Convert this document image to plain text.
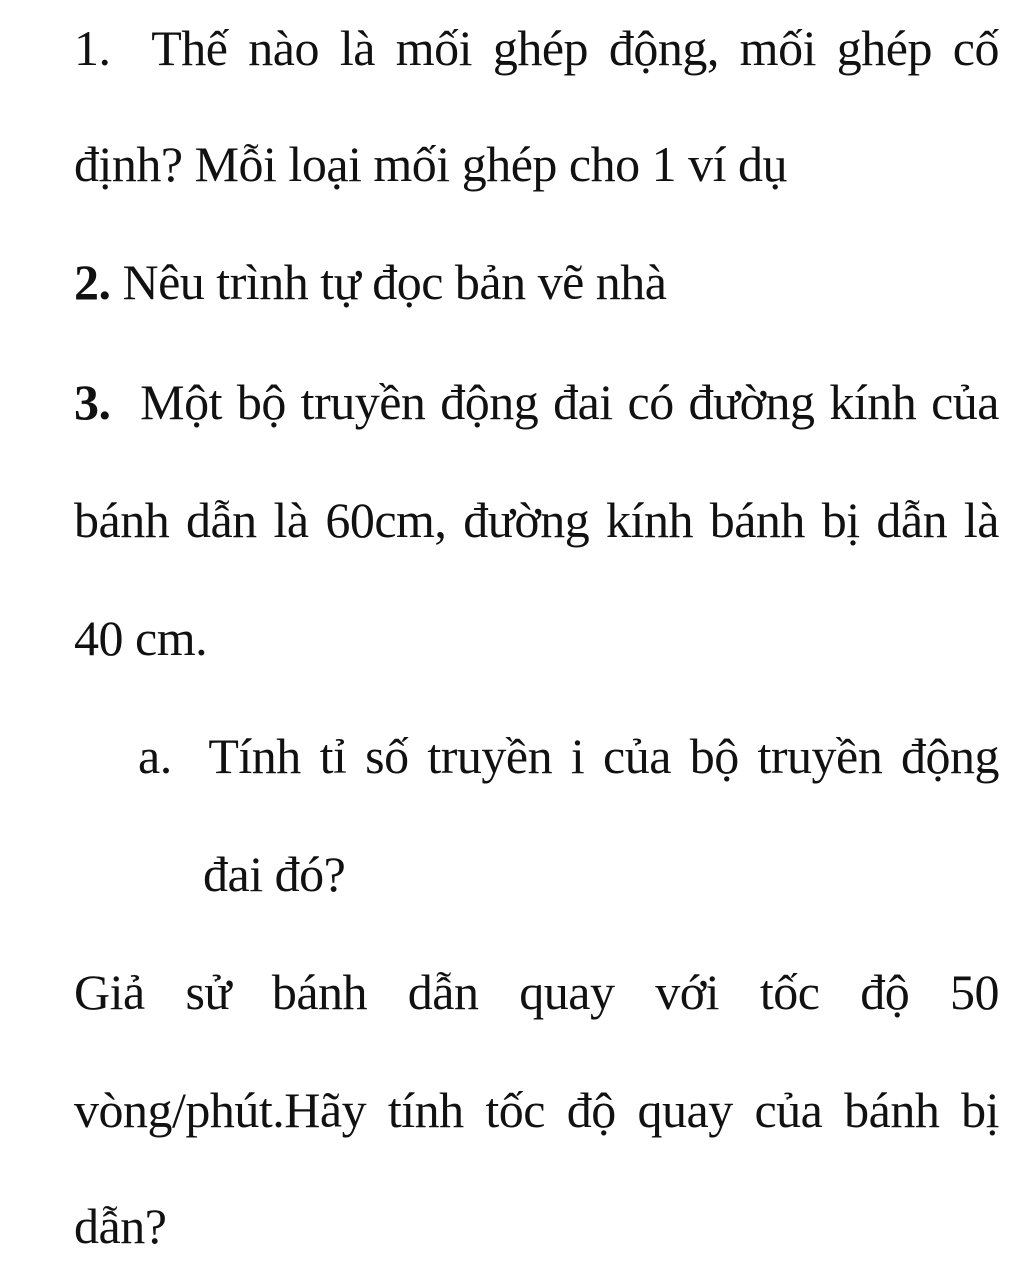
1. Thế nào là mối ghép động, mối ghép cố
định? Mỗi loại mối ghép cho 1 ví dụ
2. Nêu trình tự đọc bản vẽ nhà
3. Một bộ truyền động đai có đường kính của
bánh dẫn là 60cm, đường kính bánh bị dẫn là
40 cm.
a. Tính tỉ số truyền i của bộ truyền động
đai đó?
Giả sử bánh dẫn quay với tốc độ 50
vòng/phút.Hãy tính tốc độ quay của bánh bị
dẫn?
